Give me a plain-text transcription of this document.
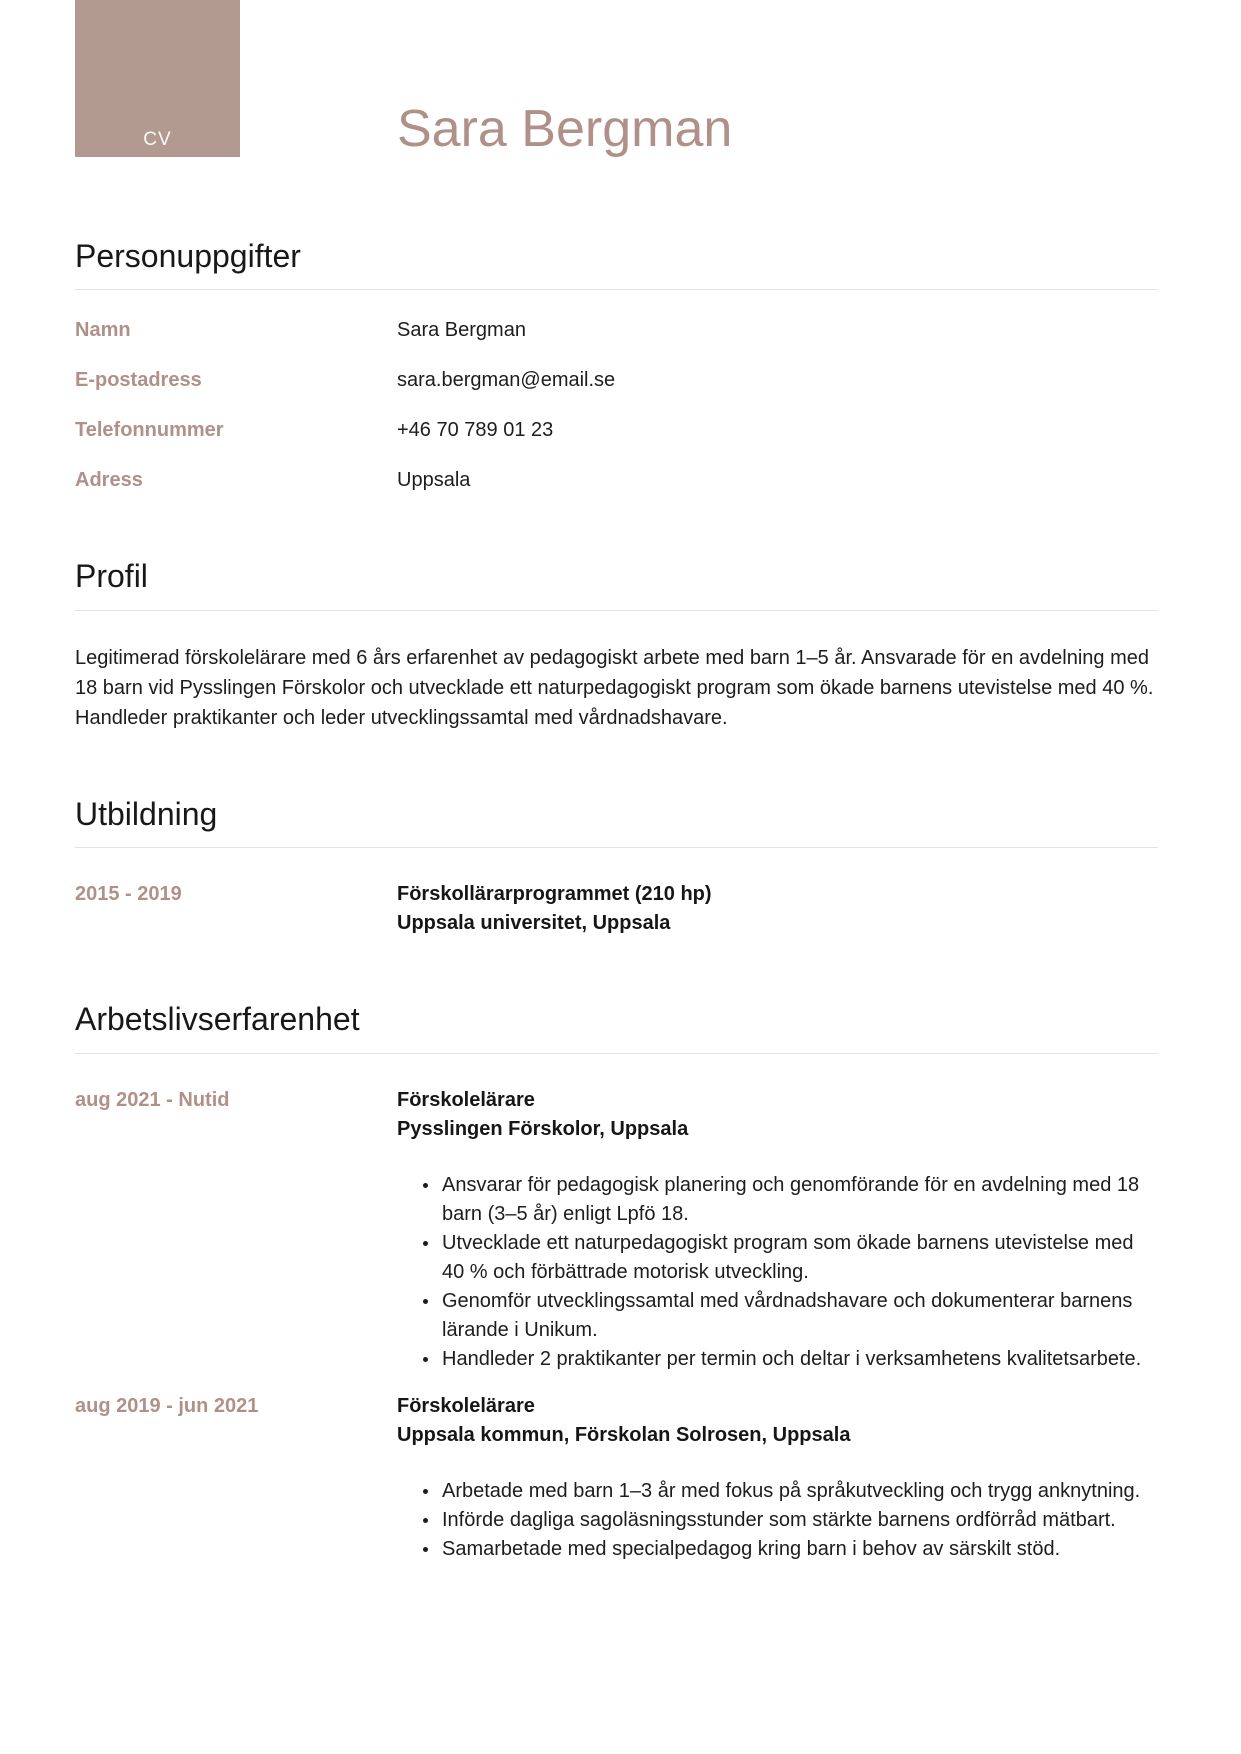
CV	Sara Bergman
Personuppgifter
Namn	Sara Bergman
E-postadress	sara.bergman@email.se
Telefonnummer	+46 70 789 01 23
Adress	Uppsala
Profil

Legitimerad förskolelärare med 6 års erfarenhet av pedagogiskt arbete med barn 1–5 år. Ansvarade för en avdelning med 18 barn vid Pysslingen Förskolor och utvecklade ett naturpedagogiskt program som ökade barnens utevistelse med 40 %. Handleder praktikanter och leder utvecklingssamtal med vårdnadshavare.

Utbildning
2015 - 2019	Förskollärarprogrammet (210 hp)
Uppsala universitet, Uppsala
Arbetslivserfarenhet
aug 2021 - Nutid	Förskolelärare
Pysslingen Förskolor, Uppsala
• Ansvarar för pedagogisk planering och genomförande för en avdelning med 18 barn (3–5 år) enligt Lpfö 18.
• Utvecklade ett naturpedagogiskt program som ökade barnens utevistelse med 40 % och förbättrade motorisk utveckling.
• Genomför utvecklingssamtal med vårdnadshavare och dokumenterar barnens lärande i Unikum.
• Handleder 2 praktikanter per termin och deltar i verksamhetens kvalitetsarbete.
aug 2019 - jun 2021	Förskolelärare
Uppsala kommun, Förskolan Solrosen, Uppsala
• Arbetade med barn 1–3 år med fokus på språkutveckling och trygg anknytning.
• Införde dagliga sagoläsningsstunder som stärkte barnens ordförråd mätbart.
• Samarbetade med specialpedagog kring barn i behov av särskilt stöd.
